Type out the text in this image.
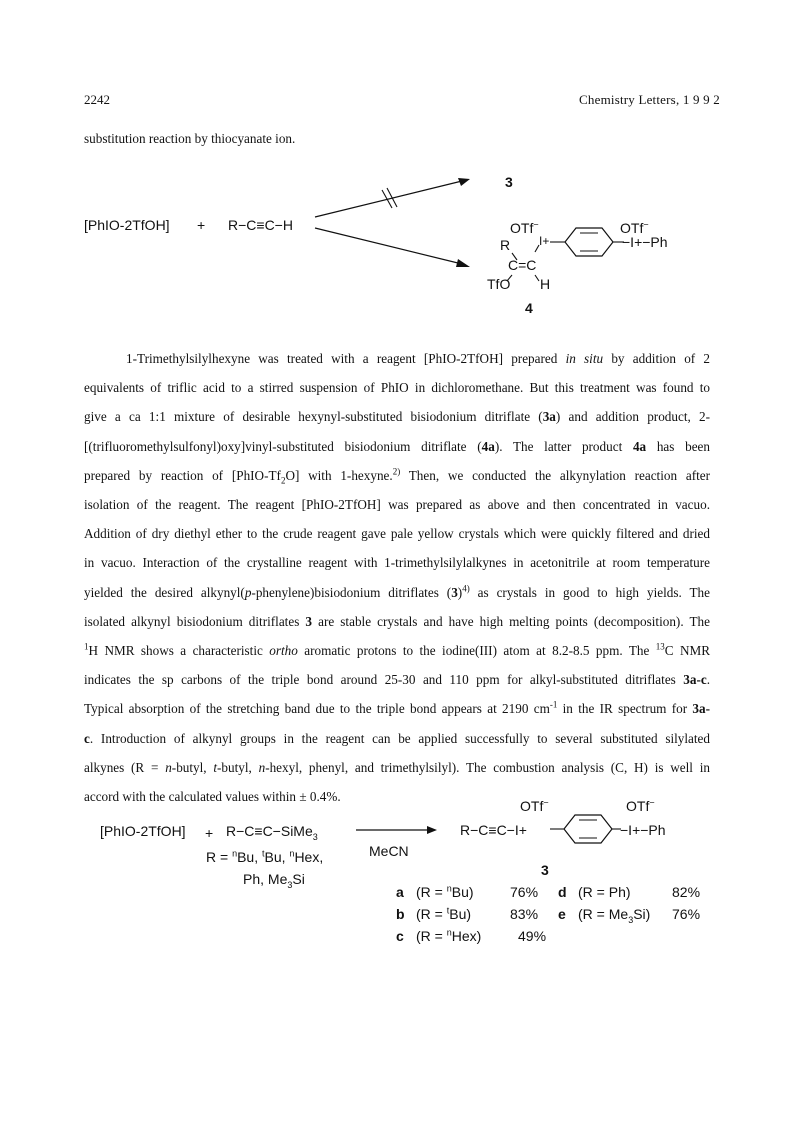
2242	Chemistry Letters, 1 9 9 2
substitution reaction by thiocyanate ion.
[PhIO-2TfOH] + R−C≡C−H
3
OTf−	OTf−
I+	−I+−Ph
R
C=C
TfO H
4
1-Trimethylsilylhexyne was treated with a reagent [PhIO-2TfOH] prepared in situ by addition of 2
equivalents of triflic acid to a stirred suspension of PhIO in dichloromethane. But this treatment was found to
give a ca 1:1 mixture of desirable hexynyl-substituted bisiodonium ditriflate (3a) and addition product, 2-
[(trifluoromethylsulfonyl)oxy]vinyl-substituted bisiodonium ditriflate (4a). The latter product 4a has been
prepared by reaction of $[PhIO-Tf_2O]$ with 1-hexyne.$^{2)}$ Then, we conducted the alkynylation reaction after
isolation of the reagent. The reagent [PhIO-2TfOH] was prepared as above and then concentrated in vacuo.
Addition of dry diethyl ether to the crude reagent gave pale yellow crystals which were quickly filtered and dried
in vacuo. Interaction of the crystalline reagent with 1-trimethylsilylalkynes in acetonitrile at room temperature
yielded the desired alkynyl(p-phenylene)bisiodonium ditriflates $(3)^{4)}$ as crystals in good to high yields. The
isolated alkynyl bisiodonium ditriflates 3 are stable crystals and have high melting points (decomposition). The
$^1$H NMR shows a characteristic ortho aromatic protons to the iodine(III) atom at 8.2-8.5 ppm. The $^{13}$C NMR
indicates the sp carbons of the triple bond around 25-30 and 110 ppm for alkyl-substituted ditriflates 3a-c.
Typical absorption of the stretching band due to the triple bond appears at 2190 $cm^{-1}$ in the IR spectrum for 3a-
c. Introduction of alkynyl groups in the reagent can be applied successfully to several substituted silylated
alkynes (R = n-butyl, t-butyl, n-hexyl, phenyl, and trimethylsilyl). The combustion analysis (C, H) is well in
accord with the calculated values within ± 0.4%.
[PhIO-2TfOH] + R−C≡C−SiMe$_3$
R = $^n$Bu, $^t$Bu, $^n$Hex,
Ph, $Me_3Si$
MeCN
R−C≡C−I+	−I+−Ph
OTf−	OTf−
3
a (R = $^n$Bu)	76%
b (R = $^t$Bu)	83%
c (R = $^n$Hex)	49%
d (R = Ph)	82%
e $(R = Me_3Si)$ 76%
